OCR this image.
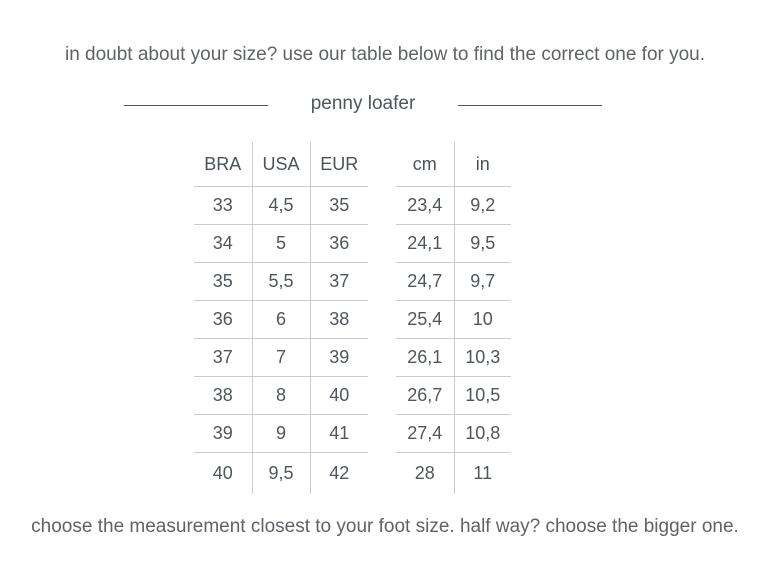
in doubt about your size? use our table below to find the correct one for you.
penny loafer
BRA	USA	EUR
33	4,5	35
34	5	36
35	5,5	37
36	6	38
37	7	39
38	8	40
39	9	41
40	9,5	42
cm	in
23,4	9,2
24,1	9,5
24,7	9,7
25,4	10
26,1	10,3
26,7	10,5
27,4	10,8
28	11
choose the measurement closest to your foot size. half way? choose the bigger one.
